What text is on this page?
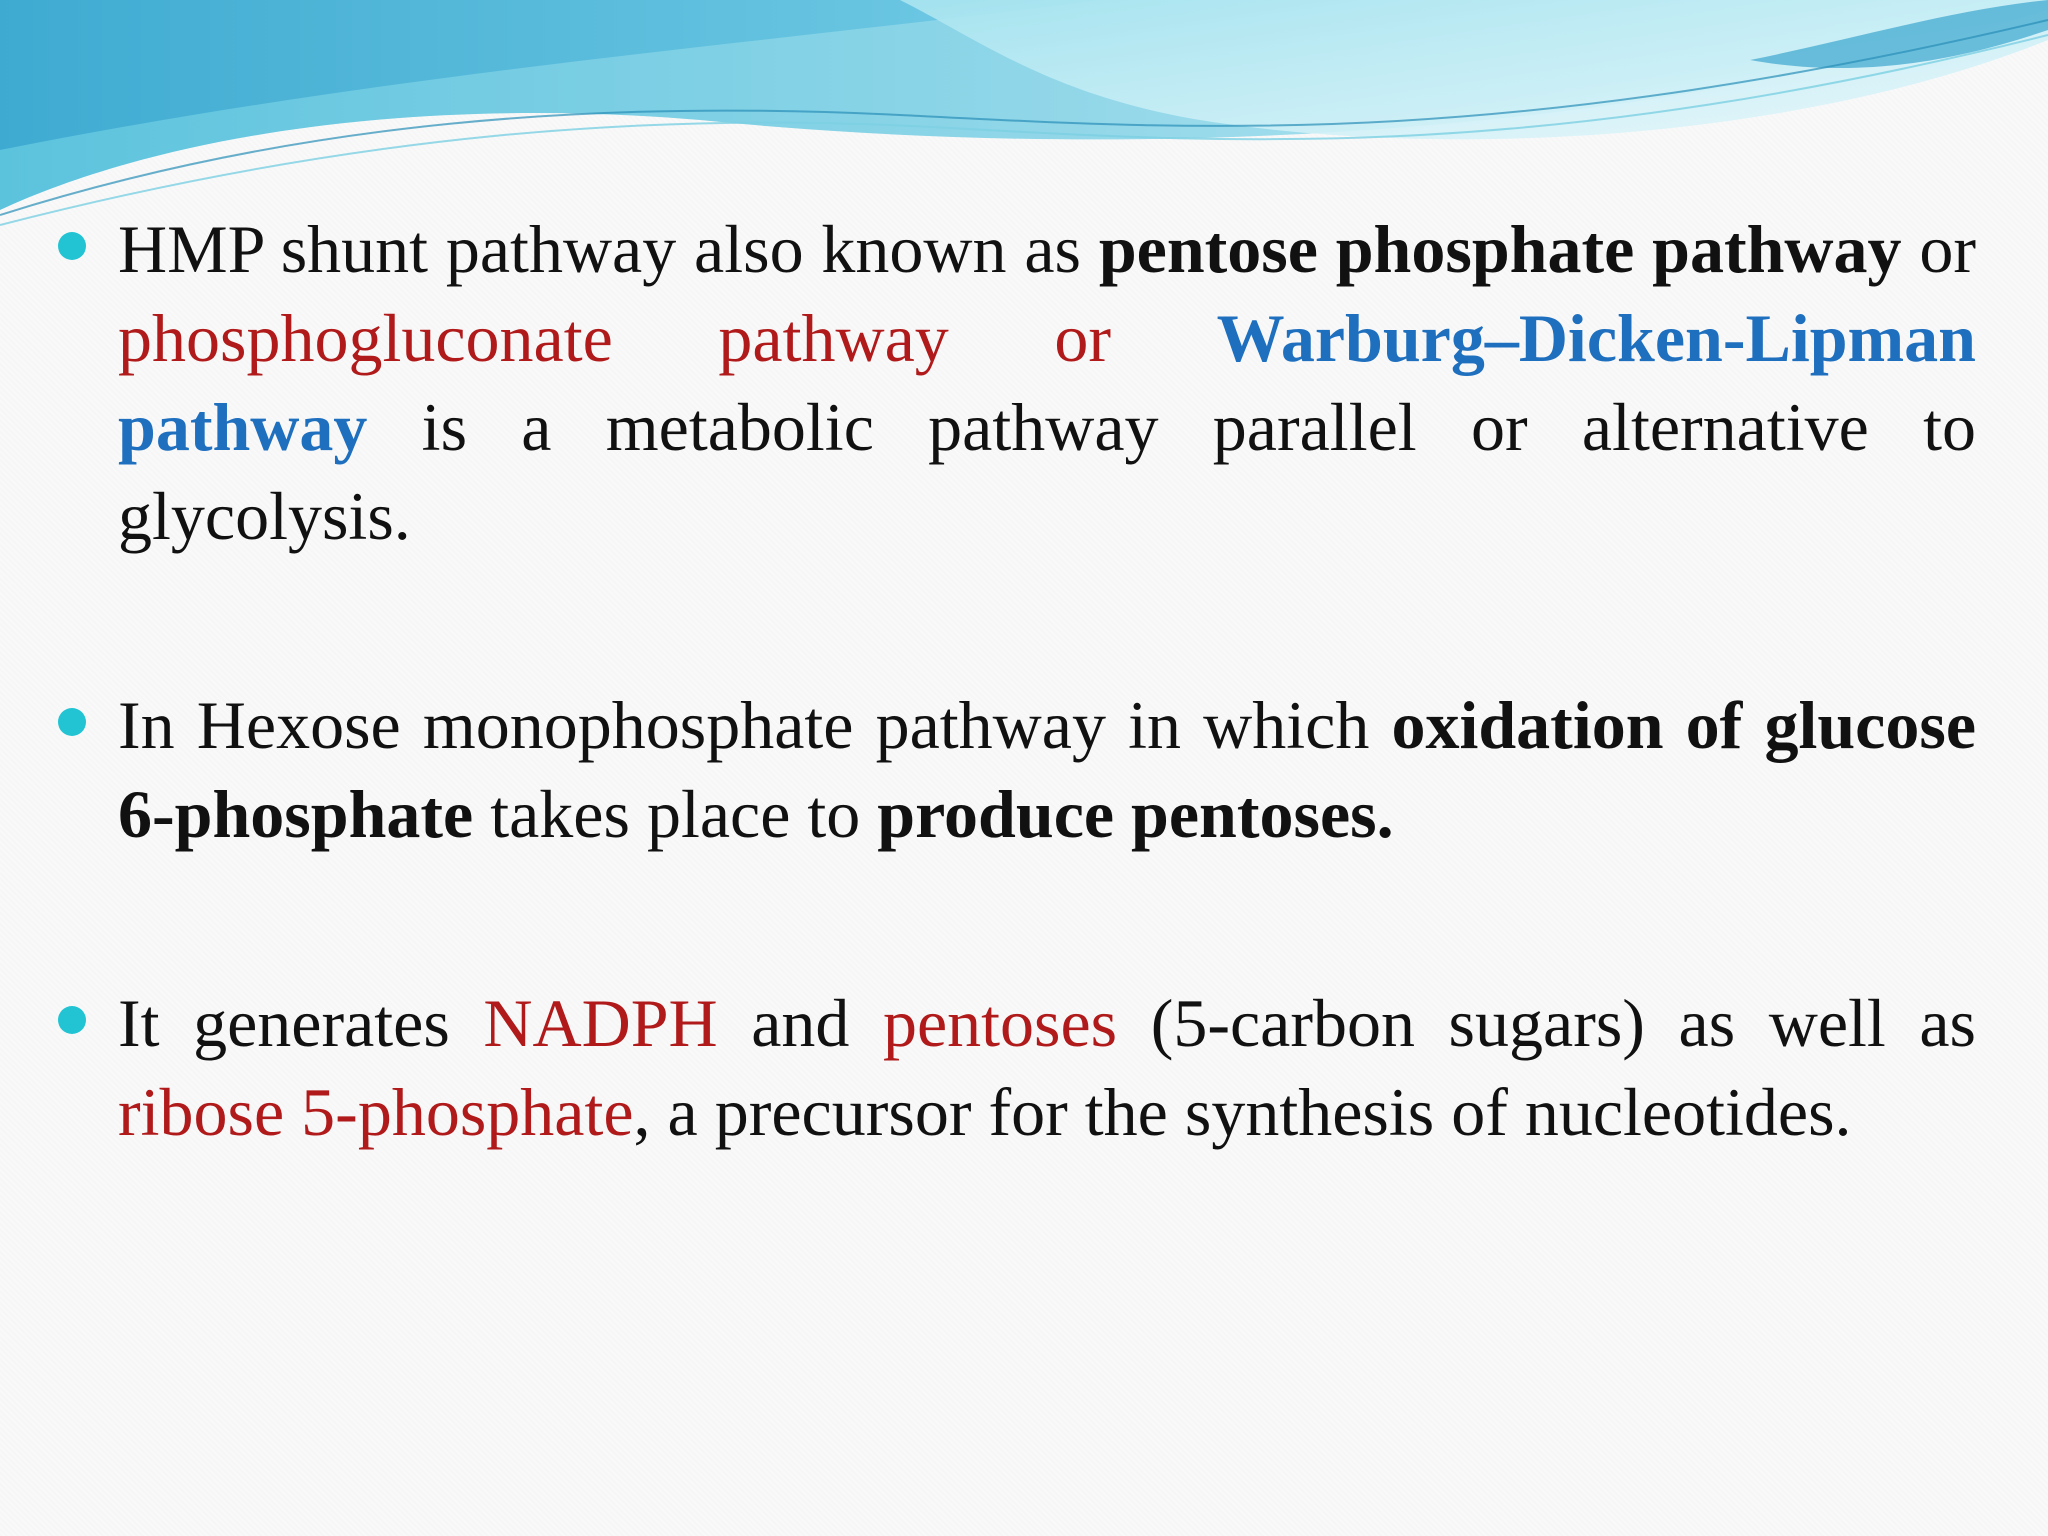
HMP shunt pathway also known as pentose phosphate pathway or phosphogluconate pathway or Warburg–Dicken-Lipman pathway is a metabolic pathway parallel or alternative to glycolysis.
In Hexose monophosphate pathway in which oxidation of glucose 6-phosphate takes place to produce pentoses.
It generates NADPH and pentoses (5-carbon sugars) as well as ribose 5-phosphate, a precursor for the synthesis of nucleotides.
